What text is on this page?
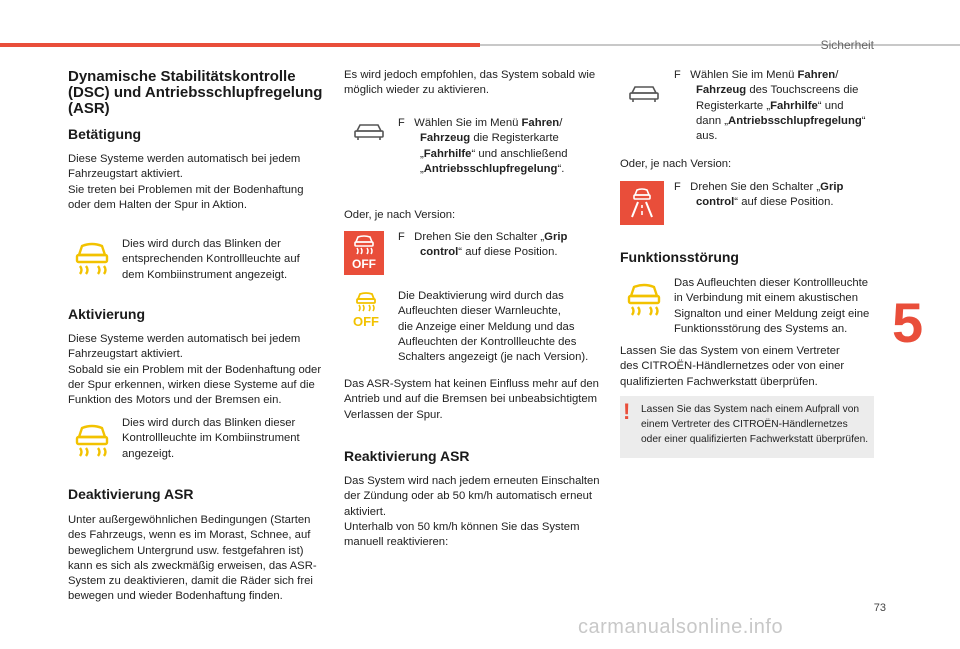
Sicherheit
5
73
carmanualsonline.info
Dynamische Stabilitätskontrolle
(DSC) und Antriebsschlupfregelung
(ASR)
Betätigung

Diese Systeme werden automatisch bei jedem

Fahrzeugstart aktiviert.

Sie treten bei Problemen mit der Bodenhaftung

oder dem Halten der Spur in Aktion.

Dies wird durch das Blinken der

entsprechenden Kontrollleuchte auf

dem Kombiinstrument angezeigt.

Aktivierung

Diese Systeme werden automatisch bei jedem

Fahrzeugstart aktiviert.

Sobald sie ein Problem mit der Bodenhaftung oder

der Spur erkennen, wirken diese Systeme auf die

Funktion des Motors und der Bremsen ein.

Dies wird durch das Blinken dieser

Kontrollleuchte im Kombiinstrument

angezeigt.

Deaktivierung ASR

Unter außergewöhnlichen Bedingungen (Starten

des Fahrzeugs, wenn es im Morast, Schnee, auf

beweglichem Untergrund usw. festgefahren ist)

kann es sich als zweckmäßig erweisen, das ASR-

System zu deaktivieren, damit die Räder sich frei

bewegen und wieder Bodenhaftung finden.

Es wird jedoch empfohlen, das System sobald wie

möglich wieder zu aktivieren.

F Wählen Sie im Menü Fahren/

Fahrzeug die Registerkarte

„Fahrhilfe“ und anschließend

„Antriebsschlupfregelung“.

Oder, je nach Version:
OFF

F Drehen Sie den Schalter „Grip

control“ auf diese Position.

OFF

Die Deaktivierung wird durch das

Aufleuchten dieser Warnleuchte,

die Anzeige einer Meldung und das

Aufleuchten der Kontrollleuchte des

Schalters angezeigt (je nach Version).

Das ASR-System hat keinen Einfluss mehr auf den

Antrieb und auf die Bremsen bei unbeabsichtigtem

Verlassen der Spur.

Reaktivierung ASR

Das System wird nach jedem erneuten Einschalten

der Zündung oder ab 50 km/h automatisch erneut

aktiviert.

Unterhalb von 50 km/h können Sie das System

manuell reaktivieren:

F Wählen Sie im Menü Fahren/

Fahrzeug des Touchscreens die

Registerkarte „Fahrhilfe“ und

dann „Antriebsschlupfregelung“

aus.

Oder, je nach Version:

F Drehen Sie den Schalter „Grip

control“ auf diese Position.

Funktionsstörung

Das Aufleuchten dieser Kontrollleuchte

in Verbindung mit einem akustischen

Signalton und einer Meldung zeigt eine

Funktionsstörung des Systems an.

Lassen Sie das System von einem Vertreter

des CITROËN-Händlernetzes oder von einer

qualifizierten Fachwerkstatt überprüfen.

! Lassen Sie das System nach einem Aufprall von
einem Vertreter des CITROËN-Händlernetzes
oder einer qualifizierten Fachwerkstatt überprüfen.
